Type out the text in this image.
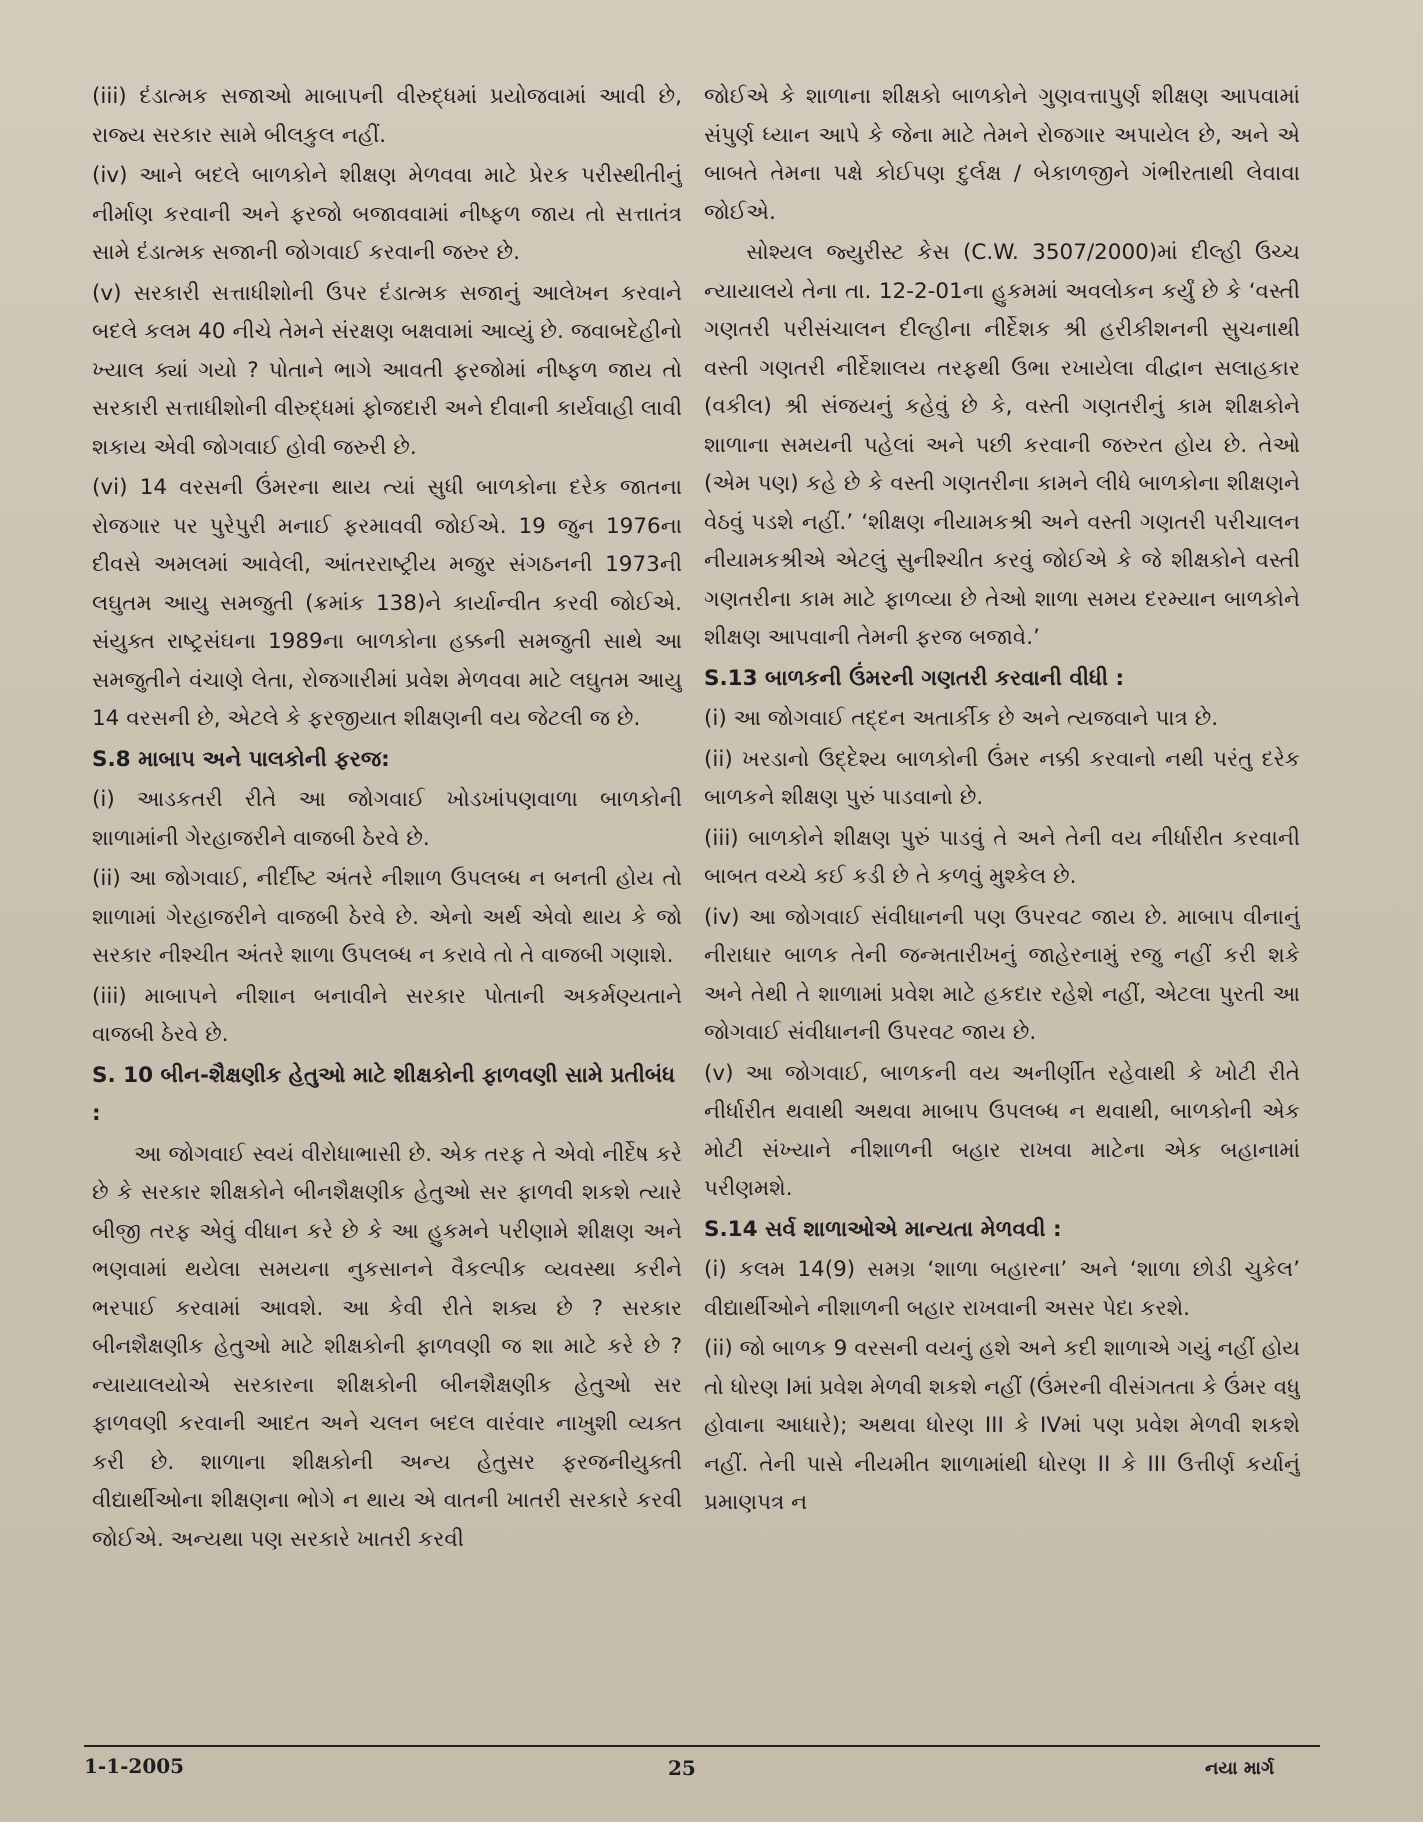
(iii) દંડાત્મક સજાઓ માબાપની વીરુદ્ધમાં પ્રયોજવામાં આવી છે, રાજ્ય સરકાર સામે બીલકુલ નહીં.

(iv) આને બદલે બાળકોને શીક્ષણ મેળવવા માટે પ્રેરક પરીસ્થીતીનું નીર્માણ કરવાની અને ફરજો બજાવવામાં નીષ્ફળ જાય તો સત્તાતંત્ર સામે દંડાત્મક સજાની જોગવાઈ કરવાની જરુર છે.

(v) સરકારી સત્તાધીશોની ઉપર દંડાત્મક સજાનું આલેખન કરવાને બદલે કલમ 40 નીચે તેમને સંરક્ષણ બક્ષવામાં આવ્યું છે. જવાબદેહીનો ખ્યાલ ક્યાં ગયો ? પોતાને ભાગે આવતી ફરજોમાં નીષ્ફળ જાય તો સરકારી સત્તાધીશોની વીરુદ્ધમાં ફોજદારી અને દીવાની કાર્યવાહી લાવી શકાય એવી જોગવાઈ હોવી જરુરી છે.

(vi) 14 વરસની ઉંમરના થાય ત્યાં સુધી બાળકોના દરેક જાતના રોજગાર પર પુરેપુરી મનાઈ ફરમાવવી જોઈએ. 19 જુન 1976ના દીવસે અમલમાં આવેલી, આંતરરાષ્ટ્રીય મજુર સંગઠનની 1973ની લઘુતમ આયુ સમજુતી (ક્રમાંક 138)ને કાર્યાન્વીત કરવી જોઈએ. સંયુક્ત રાષ્ટ્રસંઘના 1989ના બાળકોના હક્કની સમજુતી સાથે આ સમજુતીને વંચાણે લેતા, રોજગારીમાં પ્રવેશ મેળવવા માટે લઘુતમ આયુ 14 વરસની છે, એટલે કે ફરજીયાત શીક્ષણની વય જેટલી જ છે.

S.8 માબાપ અને પાલકોની ફરજ:

(i) આડકતરી રીતે આ જોગવાઈ ખોડખાંપણવાળા બાળકોની શાળામાંની ગેરહાજરીને વાજબી ઠેરવે છે.

(ii) આ જોગવાઈ, નીર્દીષ્ટ અંતરે નીશાળ ઉપલબ્ધ ન બનતી હોય તો શાળામાં ગેરહાજરીને વાજબી ઠેરવે છે. એનો અર્થ એવો થાય કે જો સરકાર નીશ્ચીત અંતરે શાળા ઉપલબ્ધ ન કરાવે તો તે વાજબી ગણાશે.

(iii) માબાપને નીશાન બનાવીને સરકાર પોતાની અકર્મણ્યતાને વાજબી ઠેરવે છે.

S. 10 બીન-શૈક્ષણીક હેતુઓ માટે શીક્ષકોની ફાળવણી સામે પ્રતીબંધ :

આ જોગવાઈ સ્વયં વીરોધાભાસી છે. એક તરફ તે એવો નીર્દેષ કરે છે કે સરકાર શીક્ષકોને બીનશૈક્ષણીક હેતુઓ સર ફાળવી શકશે ત્યારે બીજી તરફ એવું વીધાન કરે છે કે આ હુકમને પરીણામે શીક્ષણ અને ભણવામાં થયેલા સમયના નુકસાનને વૈકલ્પીક વ્યવસ્થા કરીને ભરપાઈ કરવામાં આવશે. આ કેવી રીતે શક્ય છે ? સરકાર બીનશૈક્ષણીક હેતુઓ માટે શીક્ષકોની ફાળવણી જ શા માટે કરે છે ? ન્યાયાલયોએ સરકારના શીક્ષકોની બીનશૈક્ષણીક હેતુઓ સર ફાળવણી કરવાની આદત અને ચલન બદલ વારંવાર નાખુશી વ્યક્ત કરી છે. શાળાના શીક્ષકોની અન્ય હેતુસર ફરજનીયુક્તી વીદ્યાર્થીઓના શીક્ષણના ભોગે ન થાય એ વાતની ખાતરી સરકારે કરવી જોઈએ. અન્યથા પણ સરકારે ખાતરી કરવી

જોઈએ કે શાળાના શીક્ષકો બાળકોને ગુણવત્તાપુર્ણ શીક્ષણ આપવામાં સંપુર્ણ ધ્યાન આપે કે જેના માટે તેમને રોજગાર અપાયેલ છે, અને એ બાબતે તેમના પક્ષે કોઈપણ દુર્લક્ષ / બેકાળજીને ગંભીરતાથી લેવાવા જોઈએ.

સોશ્યલ જ્યુરીસ્ટ કેસ (C.W. 3507/2000)માં દીલ્હી ઉચ્ચ ન્યાયાલયે તેના તા. 12-2-01ના હુકમમાં અવલોકન કર્યું છે કે ‘વસ્તી ગણતરી પરીસંચાલન દીલ્હીના નીર્દેશક શ્રી હરીકીશનની સુચનાથી વસ્તી ગણતરી નીર્દેશાલય તરફથી ઉભા રખાયેલા વીદ્વાન સલાહકાર (વકીલ) શ્રી સંજયનું કહેવું છે કે, વસ્તી ગણતરીનું કામ શીક્ષકોને શાળાના સમયની પહેલાં અને પછી કરવાની જરુરત હોય છે. તેઓ (એમ પણ) કહે છે કે વસ્તી ગણતરીના કામને લીધે બાળકોના શીક્ષણને વેઠવું પડશે નહીં.’ ‘શીક્ષણ નીયામકશ્રી અને વસ્તી ગણતરી પરીચાલન નીયામકશ્રીએ એટલું સુનીશ્ચીત કરવું જોઈએ કે જે શીક્ષકોને વસ્તી ગણતરીના કામ માટે ફાળવ્યા છે તેઓ શાળા સમય દરમ્યાન બાળકોને શીક્ષણ આપવાની તેમની ફરજ બજાવે.’

S.13 બાળકની ઉંમરની ગણતરી કરવાની વીધી :

(i) આ જોગવાઈ તદ્દન અતાર્કીક છે અને ત્યજવાને પાત્ર છે.

(ii) ખરડાનો ઉદ્દેશ્ય બાળકોની ઉંમર નક્કી કરવાનો નથી પરંતુ દરેક બાળકને શીક્ષણ પુરું પાડવાનો છે.

(iii) બાળકોને શીક્ષણ પુરું પાડવું તે અને તેની વય નીર્ધારીત કરવાની બાબત વચ્ચે કઈ કડી છે તે કળવું મુશ્કેલ છે.

(iv) આ જોગવાઈ સંવીધાનની પણ ઉપરવટ જાય છે. માબાપ વીનાનું નીરાધાર બાળક તેની જન્મતારીખનું જાહેરનામું રજુ નહીં કરી શકે અને તેથી તે શાળામાં પ્રવેશ માટે હકદાર રહેશે નહીં, એટલા પુરતી આ જોગવાઈ સંવીધાનની ઉપરવટ જાય છે.

(v) આ જોગવાઈ, બાળકની વય અનીર્ણીત રહેવાથી કે ખોટી રીતે નીર્ધારીત થવાથી અથવા માબાપ ઉપલબ્ધ ન થવાથી, બાળકોની એક મોટી સંખ્યાને નીશાળની બહાર રાખવા માટેના એક બહાનામાં પરીણમશે.

S.14 સર્વ શાળાઓએ માન્યતા મેળવવી :

(i) કલમ 14(9) સમગ્ર ‘શાળા બહારના’ અને ‘શાળા છોડી ચુકેલ’ વીદ્યાર્થીઓને નીશાળની બહાર રાખવાની અસર પેદા કરશે.

(ii) જો બાળક 9 વરસની વયનું હશે અને કદી શાળાએ ગયું નહીં હોય તો ધોરણ Iમાં પ્રવેશ મેળવી શકશે નહીં (ઉંમરની વીસંગતતા કે ઉંમર વધુ હોવાના આધારે); અથવા ધોરણ III કે IVમાં પણ પ્રવેશ મેળવી શકશે નહીં. તેની પાસે નીયમીત શાળામાંથી ધોરણ II કે III ઉત્તીર્ણ કર્યાનું પ્રમાણપત્ર ન

1-1-2005	25	નયા માર્ગ
